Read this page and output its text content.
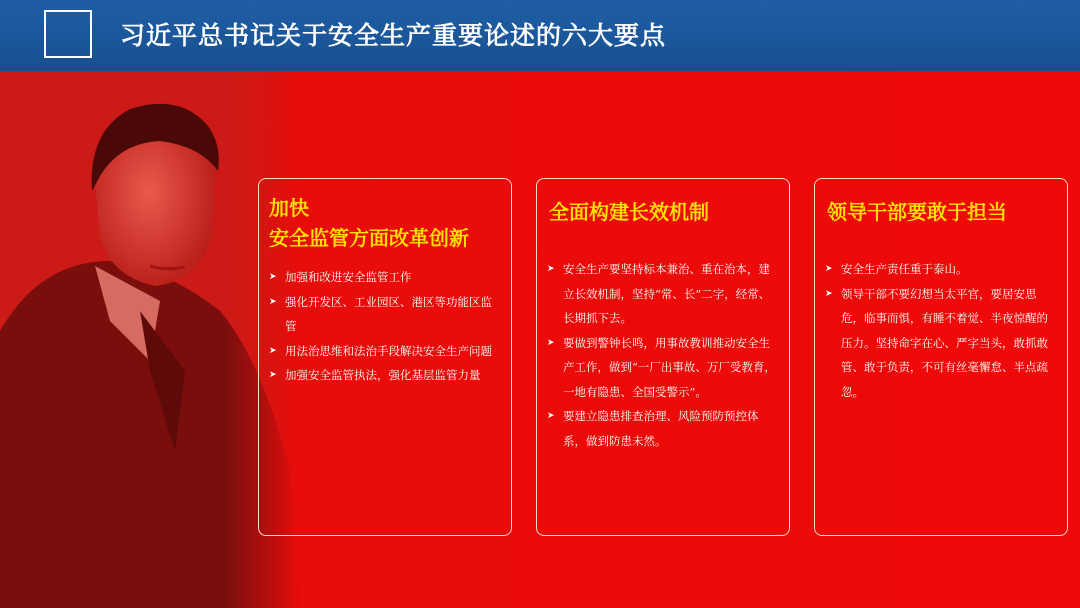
习近平总书记关于安全生产重要论述的六大要点
加快
安全监管方面改革创新
➤ 加强和改进安全监管工作
➤ 强化开发区、工业园区、港区等功能区监管
➤ 用法治思维和法治手段解决安全生产问题
➤ 加强安全监管执法，强化基层监管力量
全面构建长效机制
➤ 安全生产要坚持标本兼治、重在治本，建立长效机制，坚持“常、长”二字，经常、长期抓下去。
➤ 要做到警钟长鸣，用事故教训推动安全生产工作，做到“一厂出事故、万厂受教育，一地有隐患、全国受警示”。
➤ 要建立隐患排查治理、风险预防预控体系，做到防患未然。
领导干部要敢于担当
➤ 安全生产责任重于泰山。
➤ 领导干部不要幻想当太平官，要居安思危，临事而惧，有睡不着觉、半夜惊醒的压力。坚持命字在心、严字当头，敢抓敢管、敢于负责，不可有丝毫懈怠、半点疏忽。
